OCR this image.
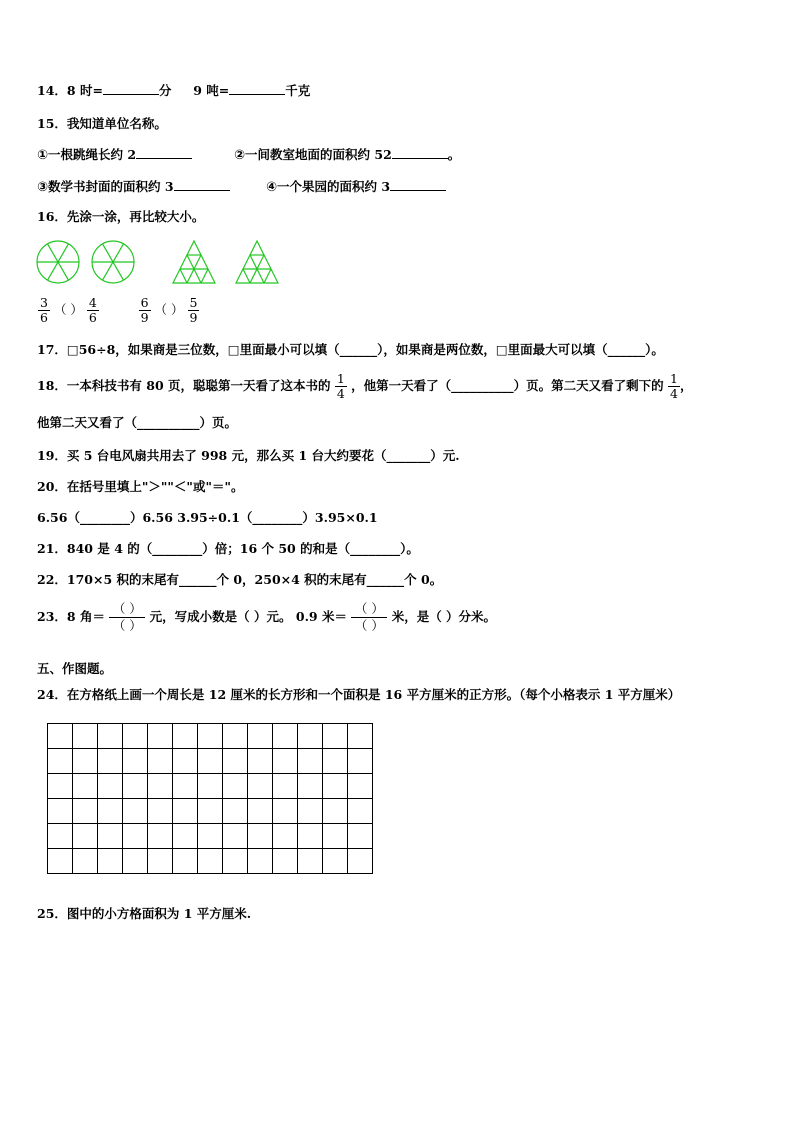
14．8 时=	分 9 吨=	千克
15．我知道单位名称。
①一根跳绳长约 2	②一间教室地面的面积约 52	。
③数学书封面的面积约 3	④一个果园的面积约 3
16．先涂一涂，再比较大小。
$\frac{3}{6}$ （ ） $\frac{4}{6}$
	$\frac{6}{9}$ （ ） $\frac{5}{9}$
17．□56÷8，如果商是三位数，□里面最小可以填（______），如果商是两位数，□里面最大可以填（______）。
18．一本科技书有 80 页，聪聪第一天看了这本书的 $\frac{1}{4}$ ，他第一天看了（__________）页。第二天又看了剩下的 $\frac{1}{4}$ ，
他第二天又看了（__________）页。
19．买 5 台电风扇共用去了 998 元，那么买 1 台大约要花（_______）元.
20．在括号里填上"＞""＜"或"＝"。
6.56（________）6.56 3.95÷0.1（________）3.95×0.1
21．840 是 4 的（________）倍；16 个 50 的和是（________）。
22．170×5 积的末尾有______个 0，250×4 积的末尾有______个 0。
23．8 角＝
（ ）
（ ）
元，写成小数是（ ）元。 0.9 米＝
（ ）
（ ）
米，是（ ）分米。
五、作图题。
24．在方格纸上画一个周长是 12 厘米的长方形和一个面积是 16 平方厘米的正方形。（每个小格表示 1 平方厘米）

25．图中的小方格面积为 1 平方厘米.
